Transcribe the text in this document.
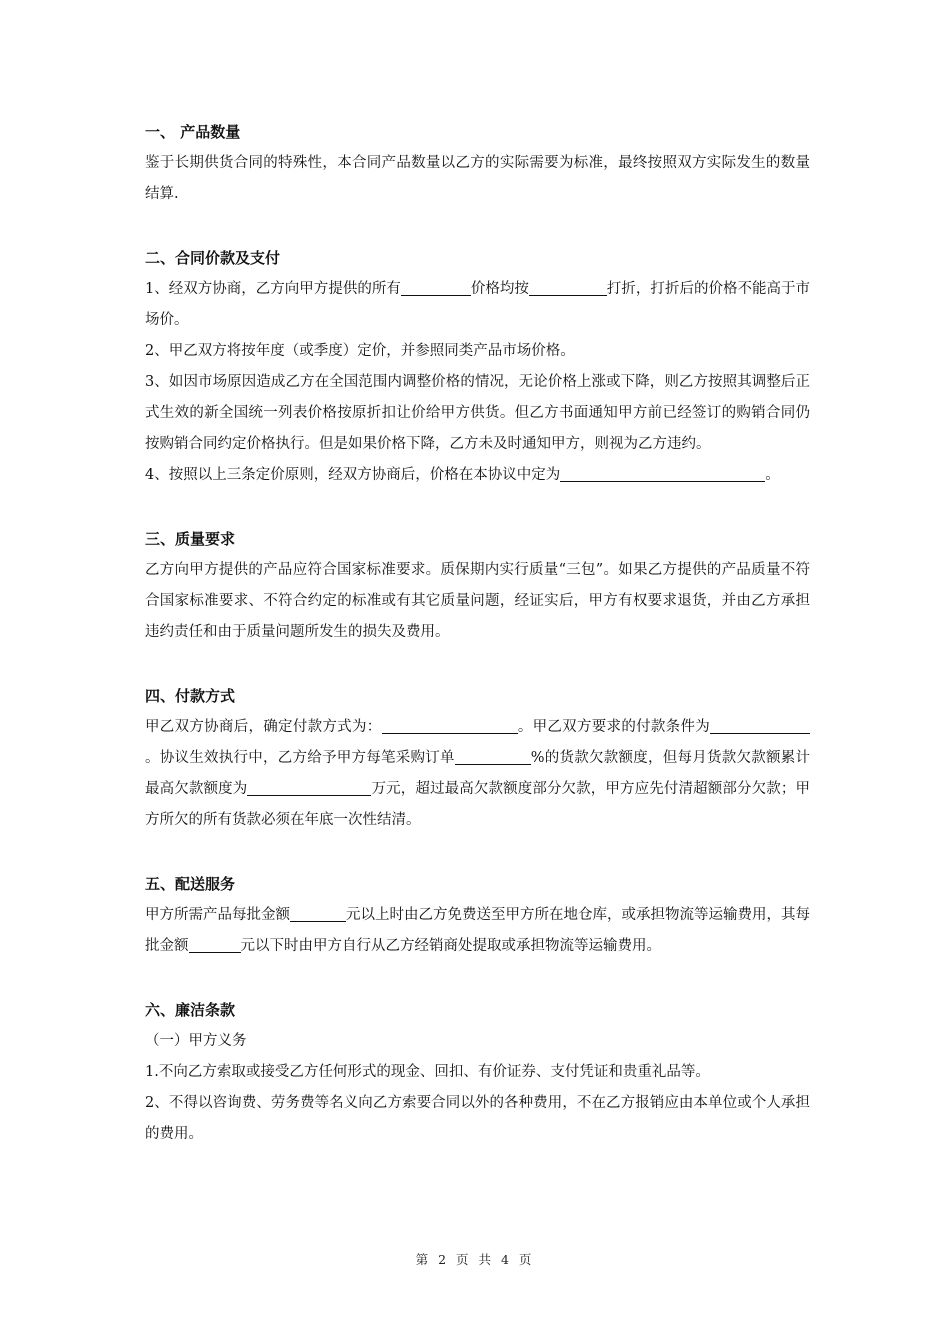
一、 产品数量

鉴于长期供货合同的特殊性，本合同产品数量以乙方的实际需要为标准，最终按照双方实际发生的数量结算.

二、合同价款及支付

1、经双方协商，乙方向甲方提供的所有	价格均按	打折，打折后的价格不能高于市场价。

2、甲乙双方将按年度（或季度）定价，并参照同类产品市场价格。

3、如因市场原因造成乙方在全国范围内调整价格的情况，无论价格上涨或下降，则乙方按照其调整后正式生效的新全国统一列表价格按原折扣让价给甲方供货。但乙方书面通知甲方前已经签订的购销合同仍按购销合同约定价格执行。但是如果价格下降，乙方未及时通知甲方，则视为乙方违约。

4、按照以上三条定价原则，经双方协商后，价格在本协议中定为	。

三、质量要求

乙方向甲方提供的产品应符合国家标准要求。质保期内实行质量“三包”。如果乙方提供的产品质量不符合国家标准要求、不符合约定的标准或有其它质量问题，经证实后，甲方有权要求退货，并由乙方承担违约责任和由于质量问题所发生的损失及费用。

四、付款方式

甲乙双方协商后，确定付款方式为：	。甲乙双方要求的付款条件为。协议生效执行中，乙方给予甲方每笔采购订单	%的货款欠款额度，但每月货款欠款额累计最高欠款额度为	万元，超过最高欠款额度部分欠款，甲方应先付清超额部分欠款；甲方所欠的所有货款必须在年底一次性结清。

五、配送服务

甲方所需产品每批金额	元以上时由乙方免费送至甲方所在地仓库，或承担物流等运输费用，其每批金额	元以下时由甲方自行从乙方经销商处提取或承担物流等运输费用。

六、廉洁条款

（一）甲方义务

1.不向乙方索取或接受乙方任何形式的现金、回扣、有价证券、支付凭证和贵重礼品等。

2、不得以咨询费、劳务费等名义向乙方索要合同以外的各种费用，不在乙方报销应由本单位或个人承担的费用。

第 2 页 共 4 页
